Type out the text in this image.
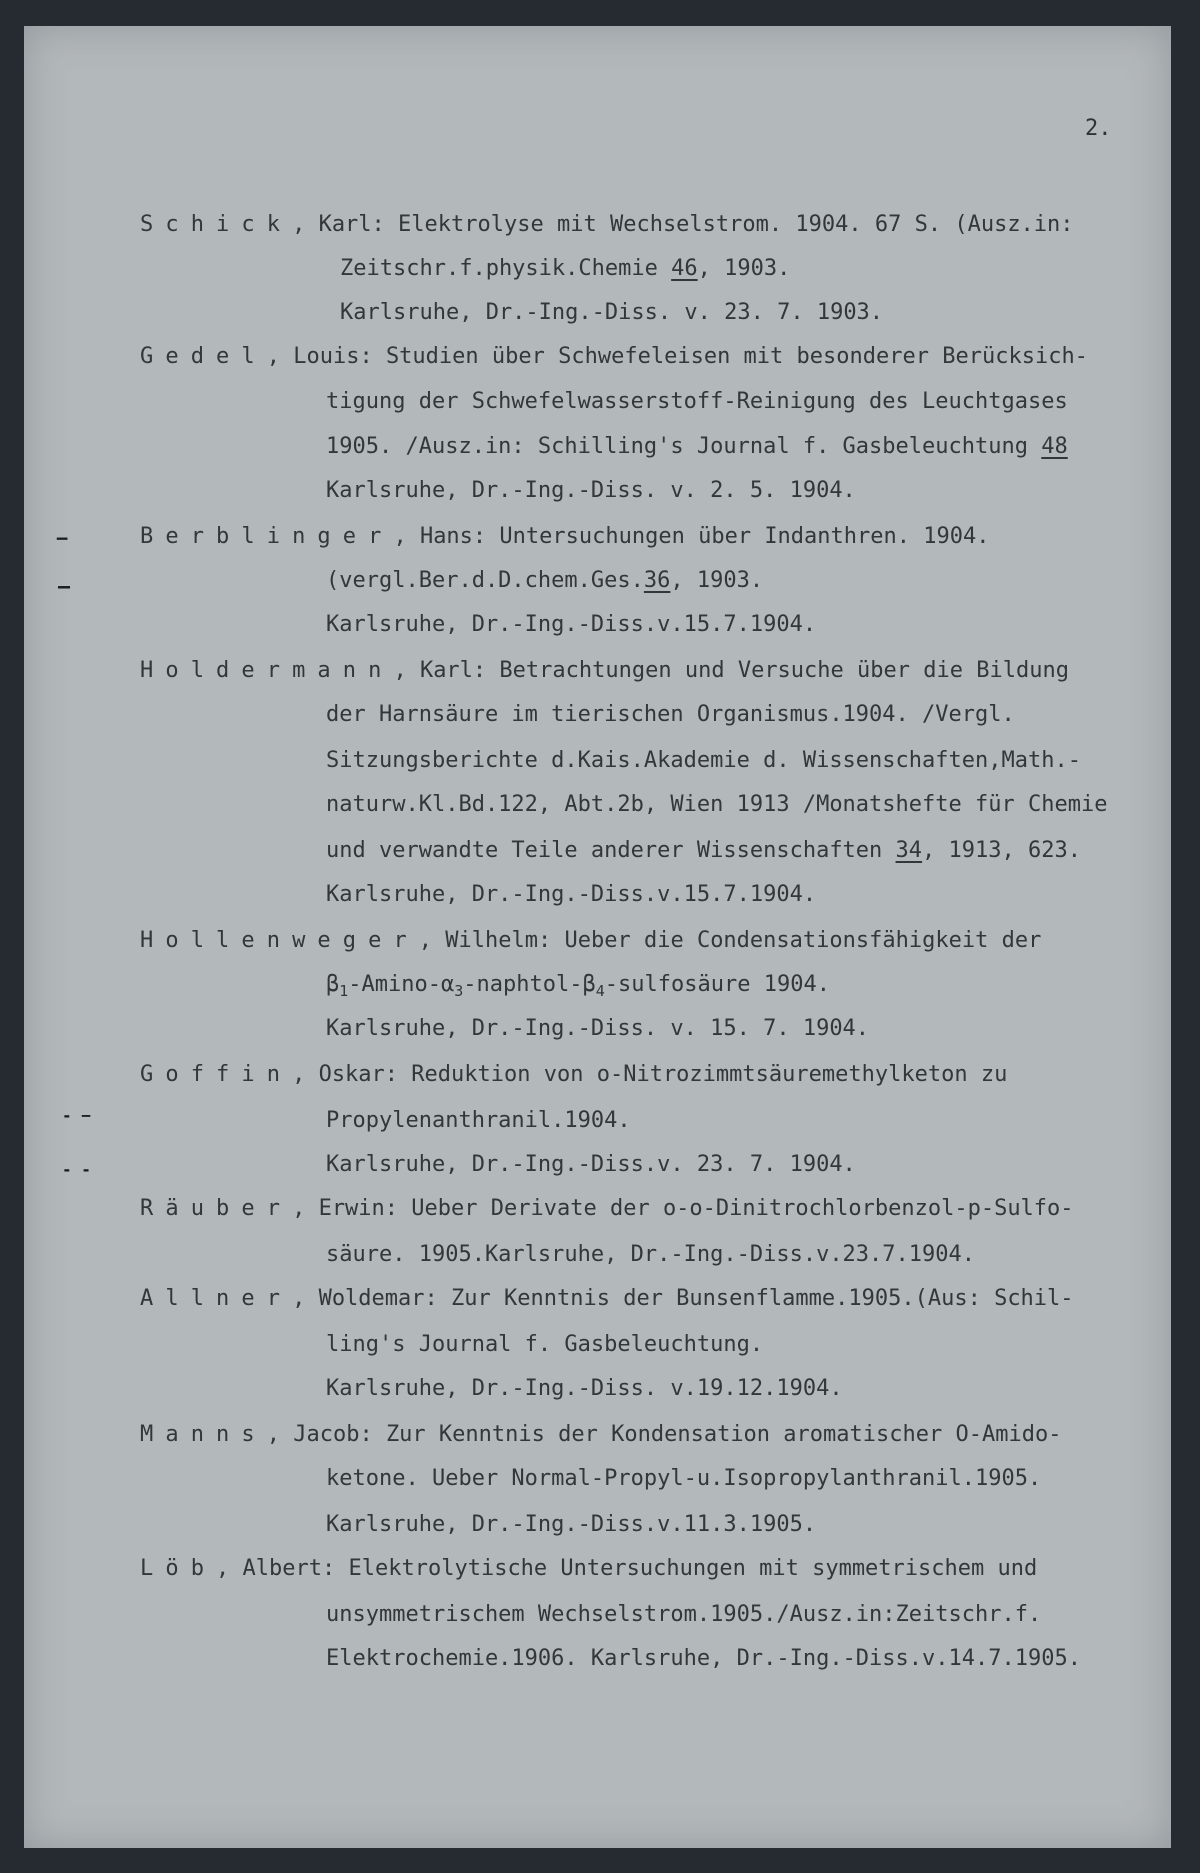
2.
−
—
- −
- -
Schick, Karl: Elektrolyse mit Wechselstrom. 1904. 67 S. (Ausz.in:
Zeitschr.f.physik.Chemie 46, 1903.
Karlsruhe, Dr.-Ing.-Diss. v. 23. 7. 1903.
Gedel, Louis: Studien über Schwefeleisen mit besonderer Berücksich-
tigung der Schwefelwasserstoff-Reinigung des Leuchtgases
1905. /Ausz.in: Schilling's Journal f. Gasbeleuchtung 48
Karlsruhe, Dr.-Ing.-Diss. v. 2. 5. 1904.
Berblinger, Hans: Untersuchungen über Indanthren. 1904.
(vergl.Ber.d.D.chem.Ges.36, 1903.
Karlsruhe, Dr.-Ing.-Diss.v.15.7.1904.
Holdermann, Karl: Betrachtungen und Versuche über die Bildung
der Harnsäure im tierischen Organismus.1904. /Vergl.
Sitzungsberichte d.Kais.Akademie d. Wissenschaften,Math.-
naturw.Kl.Bd.122, Abt.2b, Wien 1913 /Monatshefte für Chemie
und verwandte Teile anderer Wissenschaften 34, 1913, 623.
Karlsruhe, Dr.-Ing.-Diss.v.15.7.1904.
Hollenweger, Wilhelm: Ueber die Condensationsfähigkeit der
$\beta_1-Amino-\alpha_3-naphtol-\beta_4$-sulfosäure 1904.
Karlsruhe, Dr.-Ing.-Diss. v. 15. 7. 1904.
Goffin, Oskar: Reduktion von o-Nitrozimmtsäuremethylketon zu
Propylenanthranil.1904.
Karlsruhe, Dr.-Ing.-Diss.v. 23. 7. 1904.
Räuber, Erwin: Ueber Derivate der o-o-Dinitrochlorbenzol-p-Sulfo-
säure. 1905.Karlsruhe, Dr.-Ing.-Diss.v.23.7.1904.
Allner, Woldemar: Zur Kenntnis der Bunsenflamme.1905.(Aus: Schil-
ling's Journal f. Gasbeleuchtung.
Karlsruhe, Dr.-Ing.-Diss. v.19.12.1904.
Manns, Jacob: Zur Kenntnis der Kondensation aromatischer O-Amido-
ketone. Ueber Normal-Propyl-u.Isopropylanthranil.1905.
Karlsruhe, Dr.-Ing.-Diss.v.11.3.1905.
Löb, Albert: Elektrolytische Untersuchungen mit symmetrischem und
unsymmetrischem Wechselstrom.1905./Ausz.in:Zeitschr.f.
Elektrochemie.1906. Karlsruhe, Dr.-Ing.-Diss.v.14.7.1905.
